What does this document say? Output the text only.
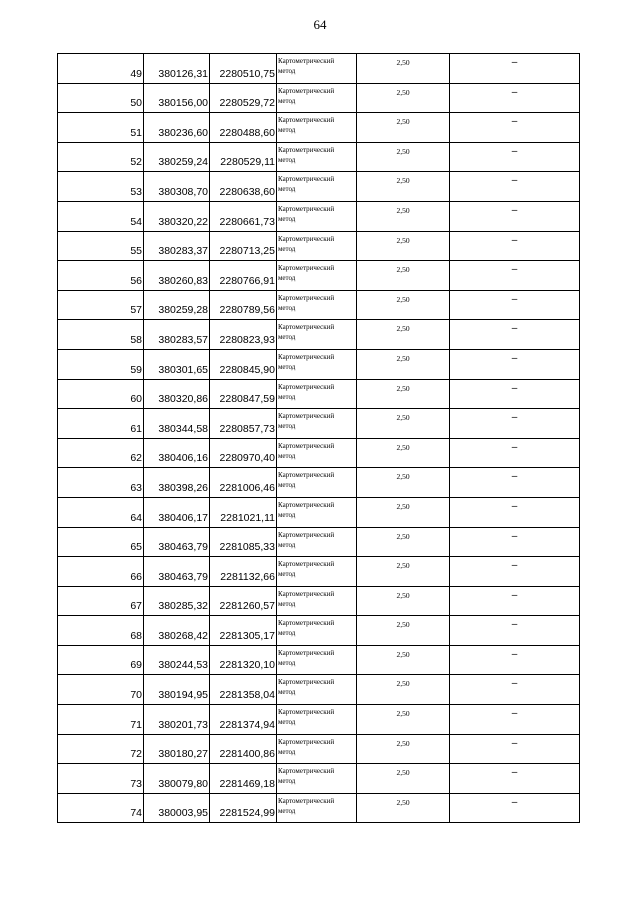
64
49	380126,31	2280510,75	Картометрический
метод	2,50	–

50	380156,00	2280529,72	Картометрический
метод	2,50	–

51	380236,60	2280488,60	Картометрический
метод	2,50	–

52	380259,24	2280529,11	Картометрический
метод	2,50	–

53	380308,70	2280638,60	Картометрический
метод	2,50	–

54	380320,22	2280661,73	Картометрический
метод	2,50	–

55	380283,37	2280713,25	Картометрический
метод	2,50	–

56	380260,83	2280766,91	Картометрический
метод	2,50	–

57	380259,28	2280789,56	Картометрический
метод	2,50	–

58	380283,57	2280823,93	Картометрический
метод	2,50	–

59	380301,65	2280845,90	Картометрический
метод	2,50	–

60	380320,86	2280847,59	Картометрический
метод	2,50	–

61	380344,58	2280857,73	Картометрический
метод	2,50	–

62	380406,16	2280970,40	Картометрический
метод	2,50	–

63	380398,26	2281006,46	Картометрический
метод	2,50	–

64	380406,17	2281021,11	Картометрический
метод	2,50	–

65	380463,79	2281085,33	Картометрический
метод	2,50	–

66	380463,79	2281132,66	Картометрический
метод	2,50	–

67	380285,32	2281260,57	Картометрический
метод	2,50	–

68	380268,42	2281305,17	Картометрический
метод	2,50	–

69	380244,53	2281320,10	Картометрический
метод	2,50	–

70	380194,95	2281358,04	Картометрический
метод	2,50	–

71	380201,73	2281374,94	Картометрический
метод	2,50	–

72	380180,27	2281400,86	Картометрический
метод	2,50	–

73	380079,80	2281469,18	Картометрический
метод	2,50	–

74	380003,95	2281524,99	Картометрический
метод	2,50	–
